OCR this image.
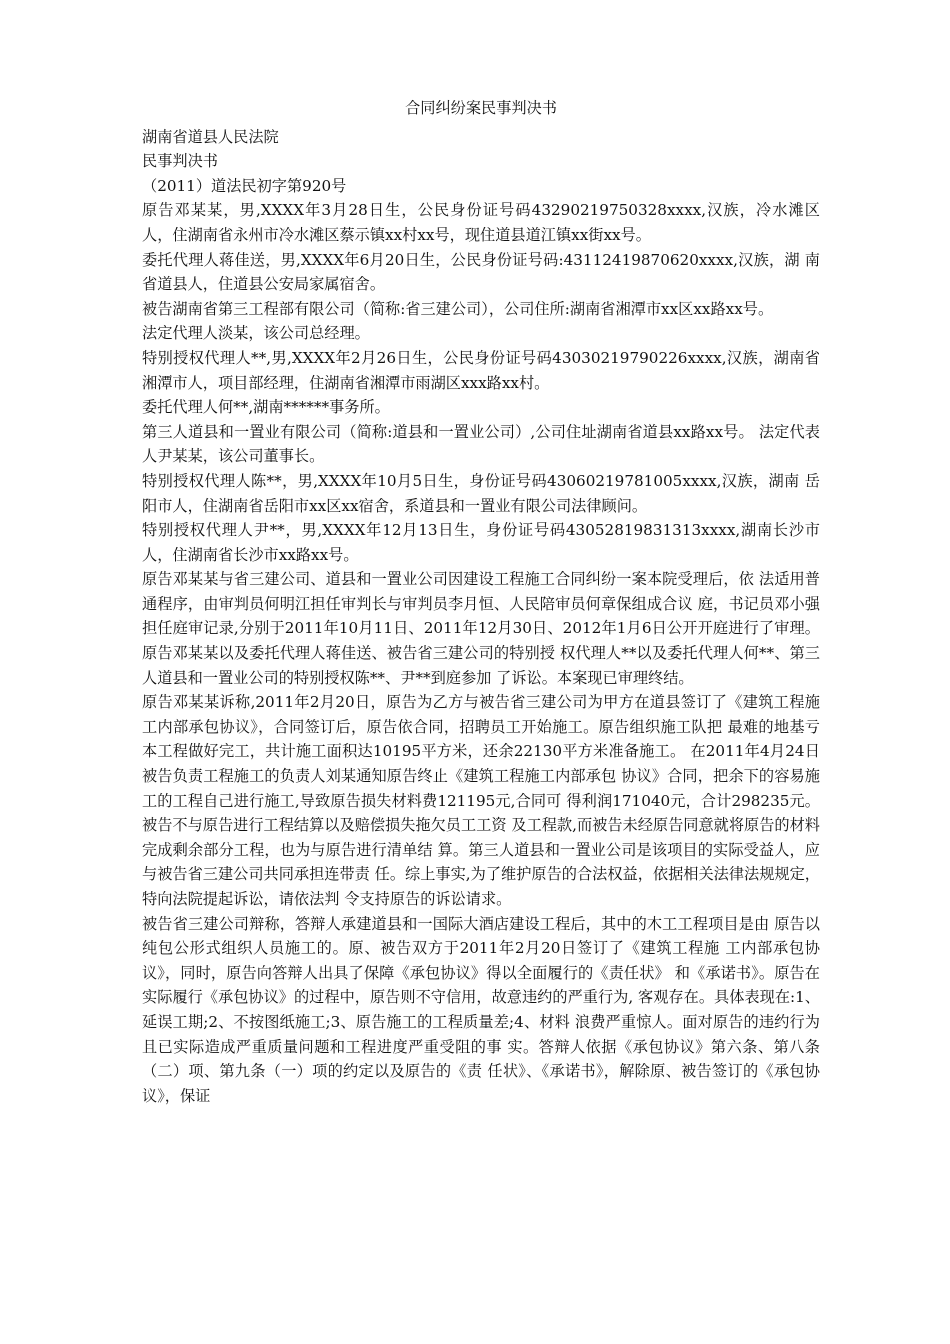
合同纠纷案民事判决书

湖南省道县人民法院

民事判决书

（2011）道法民初字第920号

原告邓某某，男,XXXX年3月28日生，公民身份证号码43290219750328xxxx,汉族，冷水滩区 人，住湖南省永州市冷水滩区蔡示镇xx村xx号，现住道县道江镇xx街xx号。

委托代理人蒋佳送，男,XXXX年6月20日生，公民身份证号码:43112419870620xxxx,汉族，湖 南省道县人，住道县公安局家属宿舍。

被告湖南省第三工程部有限公司（简称:省三建公司），公司住所:湖南省湘潭市xx区xx路xx号。

法定代理人淡某，该公司总经理。

特别授权代理人**,男,XXXX年2月26日生，公民身份证号码43030219790226xxxx,汉族，湖南省湘潭市人，项目部经理，住湖南省湘潭市雨湖区xxx路xx村。

委托代理人何**,湖南******事务所。

第三人道县和一置业有限公司（简称:道县和一置业公司）,公司住址湖南省道县xx路xx号。 法定代表人尹某某，该公司董事长。

特别授权代理人陈**，男,XXXX年10月5日生，身份证号码43060219781005xxxx,汉族，湖南 岳阳市人，住湖南省岳阳市xx区xx宿舍，系道县和一置业有限公司法律顾问。

特别授权代理人尹**，男,XXXX年12月13日生，身份证号码43052819831313xxxx,湖南长沙市人，住湖南省长沙市xx路xx号。

原告邓某某与省三建公司、道县和一置业公司因建设工程施工合同纠纷一案本院受理后，依 法适用普通程序，由审判员何明江担任审判长与审判员李月恒、人民陪审员何章保组成合议 庭，书记员邓小强担任庭审记录,分别于2011年10月11日、2011年12月30日、2012年1月6日公开开庭进行了审理。原告邓某某以及委托代理人蒋佳送、被告省三建公司的特别授 权代理人**以及委托代理人何**、第三人道县和一置业公司的特别授权陈**、尹**到庭参加 了诉讼。本案现已审理终结。

原告邓某某诉称,2011年2月20日，原告为乙方与被告省三建公司为甲方在道县签订了《建筑工程施工内部承包协议》，合同签订后，原告依合同，招聘员工开始施工。原告组织施工队把 最难的地基亏本工程做好完工，共计施工面积达10195平方米，还余22130平方米准备施工。 在2011年4月24日被告负责工程施工的负责人刘某通知原告终止《建筑工程施工内部承包 协议》合同，把余下的容易施工的工程自己进行施工,导致原告损失材料费121195元,合同可 得利润171040元，合计298235元。被告不与原告进行工程结算以及赔偿损失拖欠员工工资 及工程款,而被告未经原告同意就将原告的材料完成剩余部分工程，也为与原告进行清单结 算。第三人道县和一置业公司是该项目的实际受益人，应与被告省三建公司共同承担连带责 任。综上事实,为了维护原告的合法权益，依据相关法律法规规定，特向法院提起诉讼，请依法判 令支持原告的诉讼请求。

被告省三建公司辩称，答辩人承建道县和一国际大酒店建设工程后，其中的木工工程项目是由 原告以纯包公形式组织人员施工的。原、被告双方于2011年2月20日签订了《建筑工程施 工内部承包协议》，同时，原告向答辩人出具了保障《承包协议》得以全面履行的《责任状》 和《承诺书》。原告在实际履行《承包协议》的过程中，原告则不守信用，故意违约的严重行为, 客观存在。具体表现在:1、延误工期;2、不按图纸施工;3、原告施工的工程质量差;4、材料 浪费严重惊人。面对原告的违约行为且已实际造成严重质量问题和工程进度严重受阻的事 实。答辩人依据《承包协议》第六条、第八条（二）项、第九条（一）项的约定以及原告的《责 任状》、《承诺书》，解除原、被告签订的《承包协议》，保证
